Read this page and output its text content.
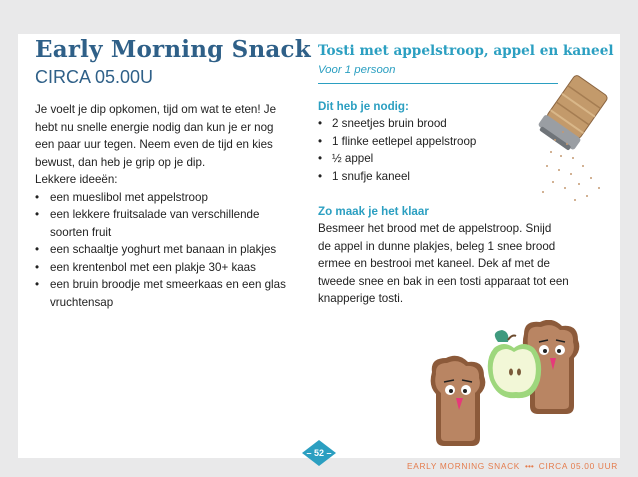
Early Morning Snack
CIRCA 05.00U

Je voelt je dip opkomen, tijd om wat te eten! Je

hebt nu snelle energie nodig dan kun je er nog

een paar uur tegen. Neem even de tijd en kies

bewust, dan heb je grip op je dip.

Lekkere ideeën:

• een mueslibol met appelstroop
• een lekkere fruitsalade van verschillende
soorten fruit
• een schaaltje yoghurt met banaan in plakjes
• een krentenbol met een plakje 30+ kaas
• een bruin broodje met smeerkaas en een glas
vruchtensap
Tosti met appelstroop, appel en kaneel
Voor 1 persoon
Dit heb je nodig:
• 2 sneetjes bruin brood
• 1 flinke eetlepel appelstroop
• ½ appel
• 1 snufje kaneel
Zo maak je het klaar

Besmeer het brood met de appelstroop. Snijd

de appel in dunne plakjes, beleg 1 snee brood

ermee en bestrooi met kaneel. Dek af met de

tweede snee en bak in een tosti apparaat tot een

knapperige tosti.

– 52 –
EARLY MORNING SNACK ••• CIRCA 05.00 UUR
